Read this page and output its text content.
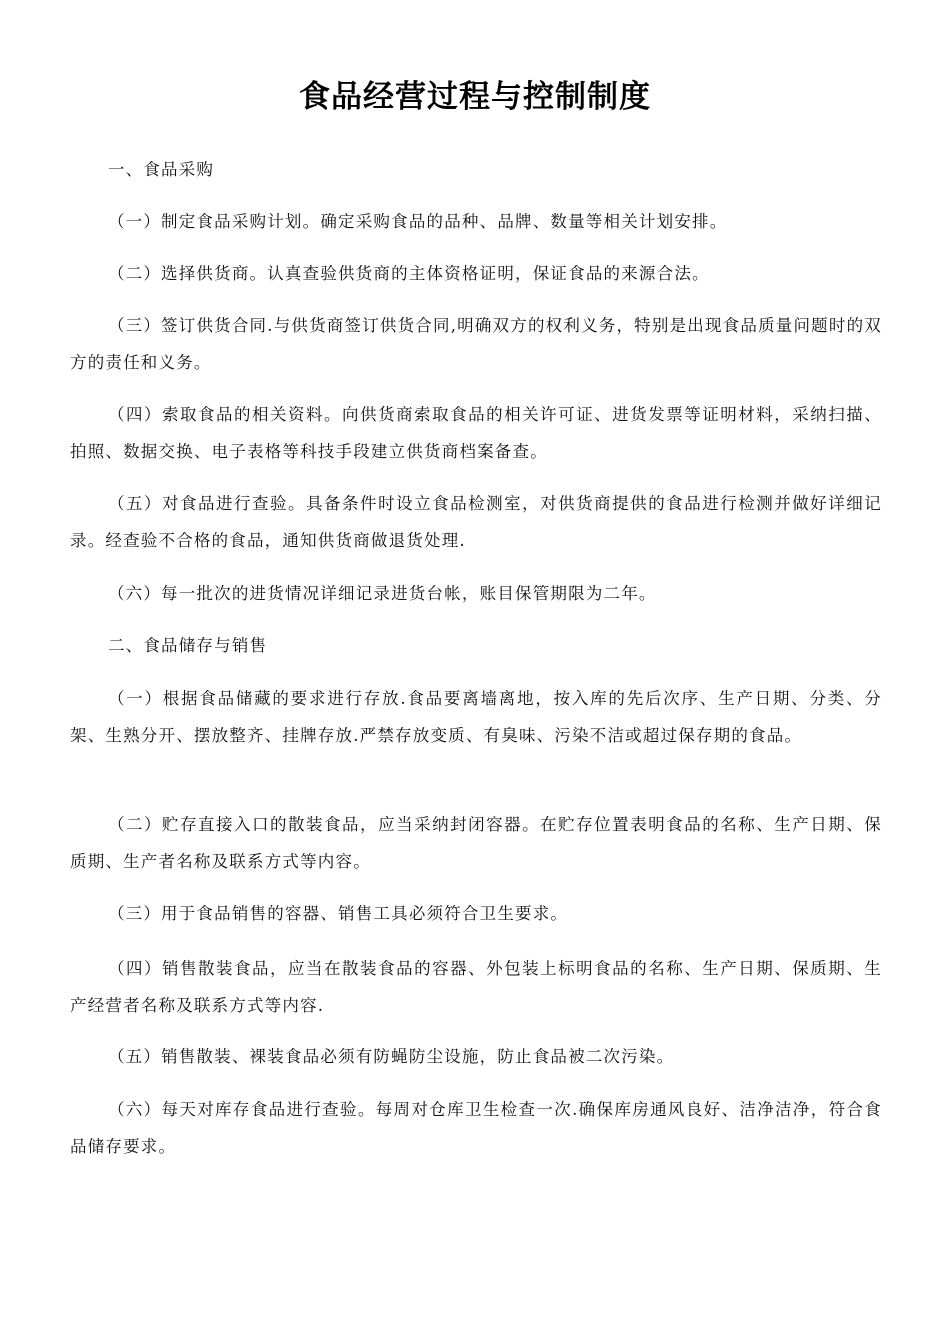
食品经营过程与控制制度

一、食品采购

（一）制定食品采购计划。确定采购食品的品种、品牌、数量等相关计划安排。

（二）选择供货商。认真查验供货商的主体资格证明，保证食品的来源合法。

（三）签订供货合同.与供货商签订供货合同,明确双方的权利义务，特别是出现食品质量问题时的双方的责任和义务。

（四）索取食品的相关资料。向供货商索取食品的相关许可证、进货发票等证明材料，采纳扫描、拍照、数据交换、电子表格等科技手段建立供货商档案备查。

（五）对食品进行查验。具备条件时设立食品检测室，对供货商提供的食品进行检测并做好详细记录。经查验不合格的食品，通知供货商做退货处理.

（六）每一批次的进货情况详细记录进货台帐，账目保管期限为二年。

二、食品储存与销售

（一）根据食品储藏的要求进行存放.食品要离墙离地，按入库的先后次序、生产日期、分类、分架、生熟分开、摆放整齐、挂牌存放.严禁存放变质、有臭味、污染不洁或超过保存期的食品。

（二）贮存直接入口的散装食品，应当采纳封闭容器。在贮存位置表明食品的名称、生产日期、保质期、生产者名称及联系方式等内容。

（三）用于食品销售的容器、销售工具必须符合卫生要求。

（四）销售散装食品，应当在散装食品的容器、外包装上标明食品的名称、生产日期、保质期、生产经营者名称及联系方式等内容.

（五）销售散装、裸装食品必须有防蝇防尘设施，防止食品被二次污染。

（六）每天对库存食品进行查验。每周对仓库卫生检查一次.确保库房通风良好、洁净洁净，符合食品储存要求。
